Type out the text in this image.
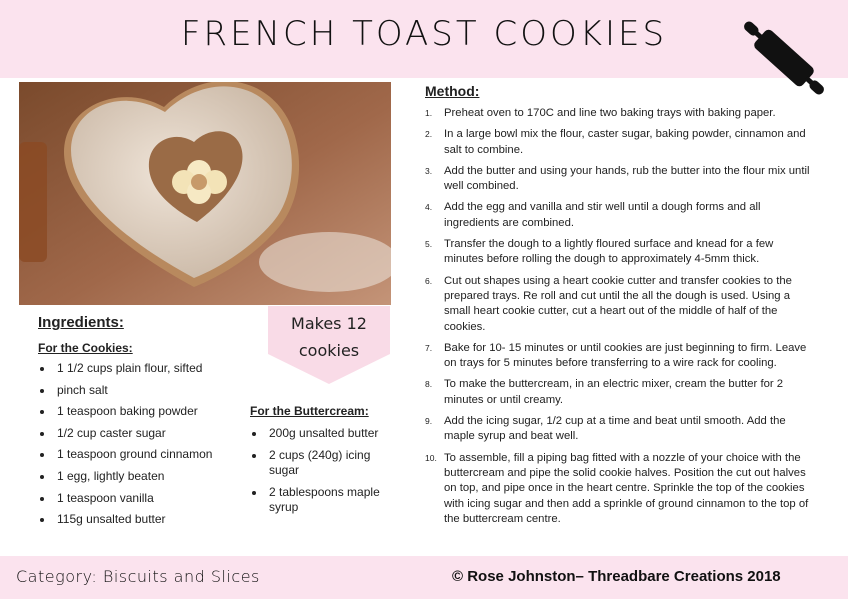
FRENCH TOAST COOKIES
Makes 12
cookies
Ingredients:
For the Cookies:
1 1/2 cups plain flour, sifted
pinch salt
1 teaspoon baking powder
1/2 cup caster sugar
1 teaspoon ground cinnamon
1 egg, lightly beaten
1 teaspoon vanilla
115g unsalted butter
For the Buttercream:
200g unsalted butter
2 cups (240g) icing sugar
2 tablespoons maple syrup
Method:
1. Preheat oven to 170C and line two baking trays with baking paper.
2. In a large bowl mix the flour, caster sugar, baking powder, cinnamon and salt to combine.
3. Add the butter and using your hands, rub the butter into the flour mix until well combined.
4. Add the egg and vanilla and stir well until a dough forms and all ingredients are combined.
5. Transfer the dough to a lightly floured surface and knead for a few minutes before rolling the dough to approximately 4-5mm thick.
6. Cut out shapes using a heart cookie cutter and transfer cookies to the prepared trays. Re roll and cut until the all the dough is used. Using a small heart cookie cutter, cut a heart out of the middle of half of the cookies.
7. Bake for 10- 15 minutes or until cookies are just beginning to firm. Leave on trays for 5 minutes before transferring to a wire rack for cooling.
8. To make the buttercream, in an electric mixer, cream the butter for 2 minutes or until creamy.
9. Add the icing sugar, 1/2 cup at a time and beat until smooth. Add the maple syrup and beat well.
10. To assemble, fill a piping bag fitted with a nozzle of your choice with the buttercream and pipe the solid cookie halves. Position the cut out halves on top, and pipe once in the heart centre. Sprinkle the top of the cookies with icing sugar and then add a sprinkle of ground cinnamon to the top of the buttercream centre.
Category: Biscuits and Slices	© Rose Johnston– Threadbare Creations 2018
